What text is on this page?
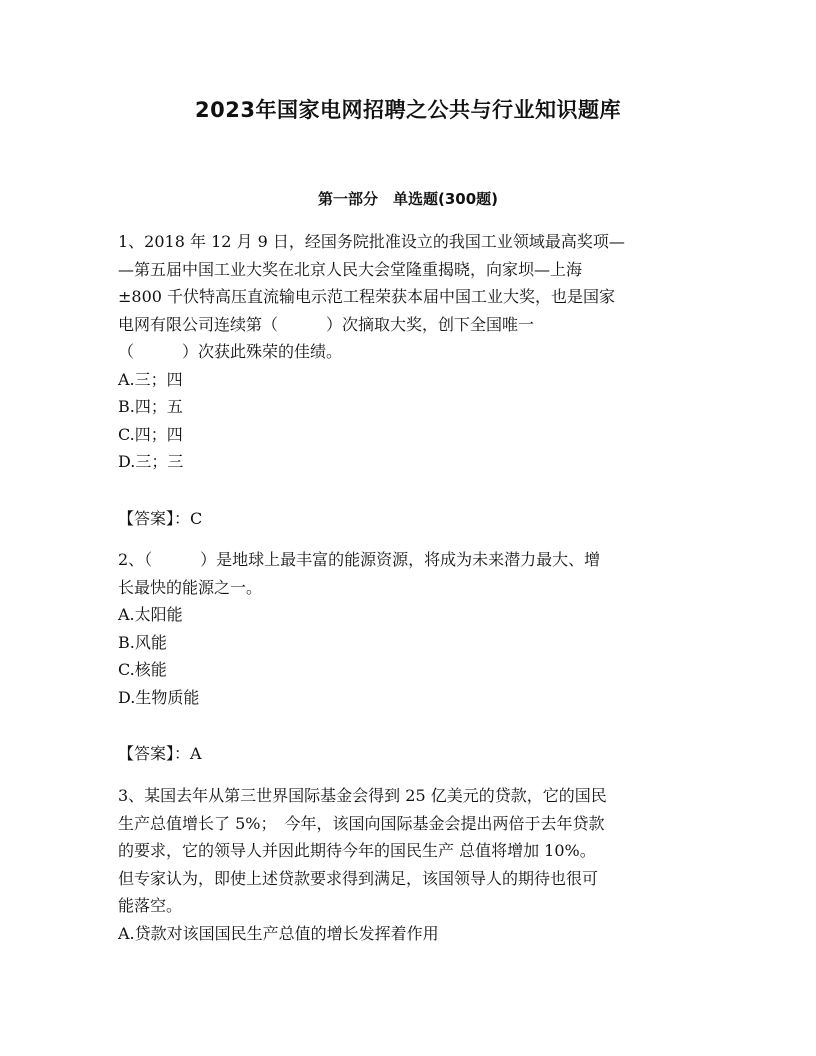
2023年国家电网招聘之公共与行业知识题库
第一部分　单选题(300题)
1、2018 年 12 月 9 日，经国务院批准设立的我国工业领域最高奖项—
—第五届中国工业大奖在北京人民大会堂隆重揭晓，向家坝—上海
±800 千伏特高压直流输电示范工程荣获本届中国工业大奖，也是国家
电网有限公司连续第（　　　）次摘取大奖，创下全国唯一
（　　　）次获此殊荣的佳绩。
A.三；四
B.四；五
C.四；四
D.三；三
【答案】：C
2、（　　　）是地球上最丰富的能源资源，将成为未来潜力最大、增
长最快的能源之一。
A.太阳能
B.风能
C.核能
D.生物质能
【答案】：A
3、某国去年从第三世界国际基金会得到 25 亿美元的贷款，它的国民
生产总值增长了 5%；　今年，该国向国际基金会提出两倍于去年贷款
的要求，它的领导人并因此期待今年的国民生产 总值将增加 10%。
但专家认为，即使上述贷款要求得到满足，该国领导人的期待也很可
能落空。
A.贷款对该国国民生产总值的增长发挥着作用
